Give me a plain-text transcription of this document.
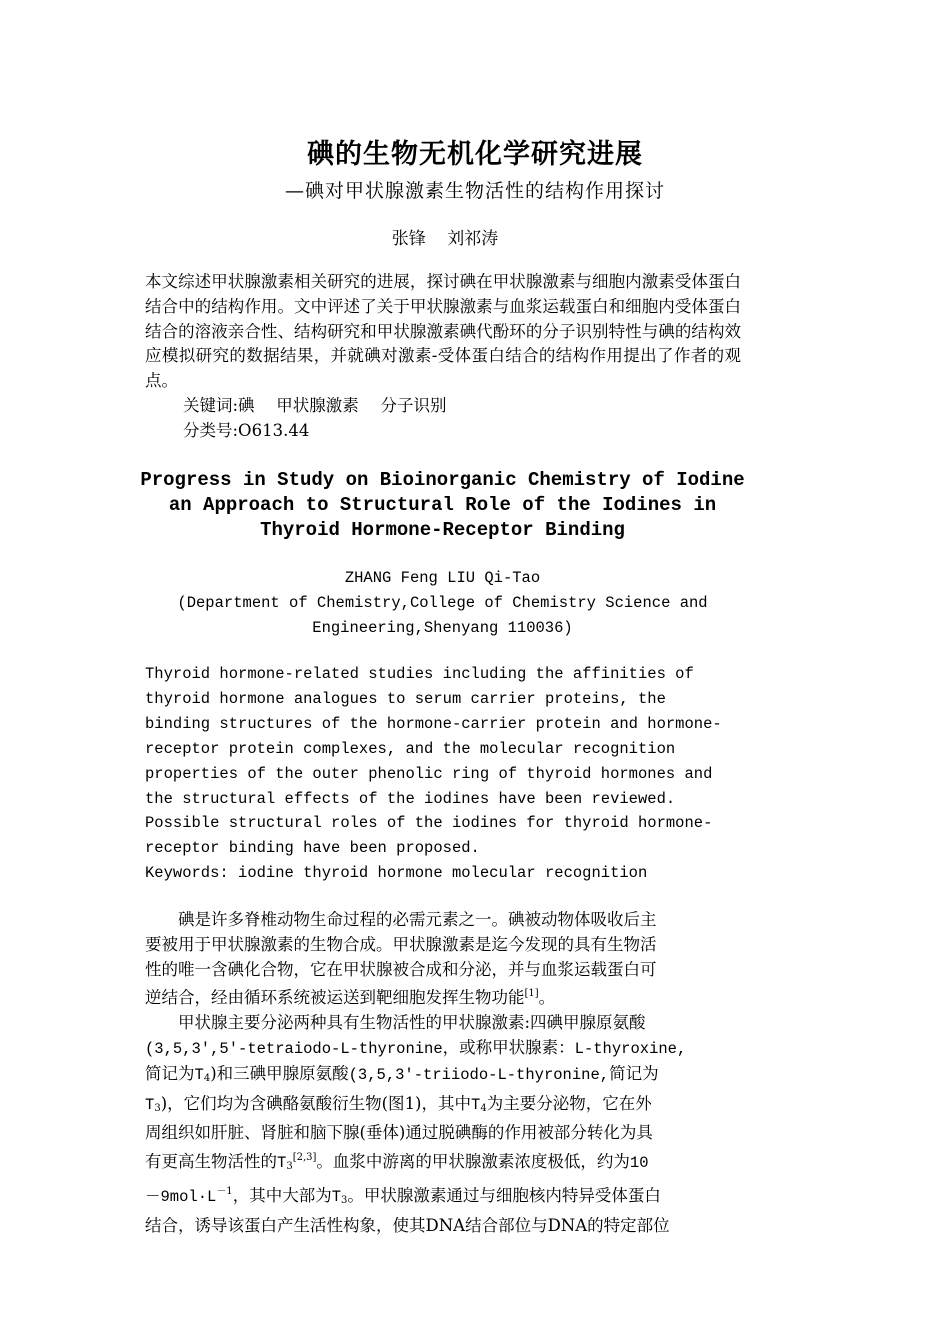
碘的生物无机化学研究进展
—碘对甲状腺激素生物活性的结构作用探讨
张锋 刘祁涛

本文综述甲状腺激素相关研究的进展，探讨碘在甲状腺激素与细胞内激素受体蛋白结合中的结构作用。文中评述了关于甲状腺激素与血浆运载蛋白和细胞内受体蛋白结合的溶液亲合性、结构研究和甲状腺激素碘代酚环的分子识别特性与碘的结构效应模拟研究的数据结果，并就碘对激素-受体蛋白结合的结构作用提出了作者的观点。

关键词:碘　 甲状腺激素　 分子识别

分类号:O613.44

Progress in Study on Bioinorganic Chemistry of Iodine
an Approach to Structural Role of the Iodines in
Thyroid Hormone-Receptor Binding
ZHANG Feng LIU Qi-Tao
(Department of Chemistry,College of Chemistry Science and
Engineering,Shenyang 110036)
Thyroid hormone-related studies including the affinities of
thyroid hormone analogues to serum carrier proteins, the
binding structures of the hormone-carrier protein and hormone-
receptor protein complexes, and the molecular recognition
properties of the outer phenolic ring of thyroid hormones and
the structural effects of the iodines have been reviewed.
Possible structural roles of the iodines for thyroid hormone-
receptor binding have been proposed.
Keywords: iodine thyroid hormone molecular recognition

　　碘是许多脊椎动物生命过程的必需元素之一。碘被动物体吸收后主
要被用于甲状腺激素的生物合成。甲状腺激素是迄今发现的具有生物活
性的唯一含碘化合物，它在甲状腺被合成和分泌，并与血浆运载蛋白可
逆结合，经由循环系统被运送到靶细胞发挥生物功能[1]。

　　甲状腺主要分泌两种具有生物活性的甲状腺激素:四碘甲腺原氨酸
(3,5,3',5'-tetraiodo-L-thyronine，或称甲状腺素：L-thyroxine,
简记为$T_4$)和三碘甲腺原氨酸(3,5,3'-triiodo-L-thyronine,简记为
$T_3$)，它们均为含碘酪氨酸衍生物(图1)，其中$T_4$为主要分泌物，它在外
周组织如肝脏、肾脏和脑下腺(垂体)通过脱碘酶的作用被部分转化为具
有更高生物活性的$T_3[2,3]$。血浆中游离的甲状腺激素浓度极低，约为10
$-9mol\cdot L^{-1}$，其中大部为$T_3$。甲状腺激素通过与细胞核内特异受体蛋白
结合，诱导该蛋白产生活性构象，使其DNA结合部位与DNA的特定部位
